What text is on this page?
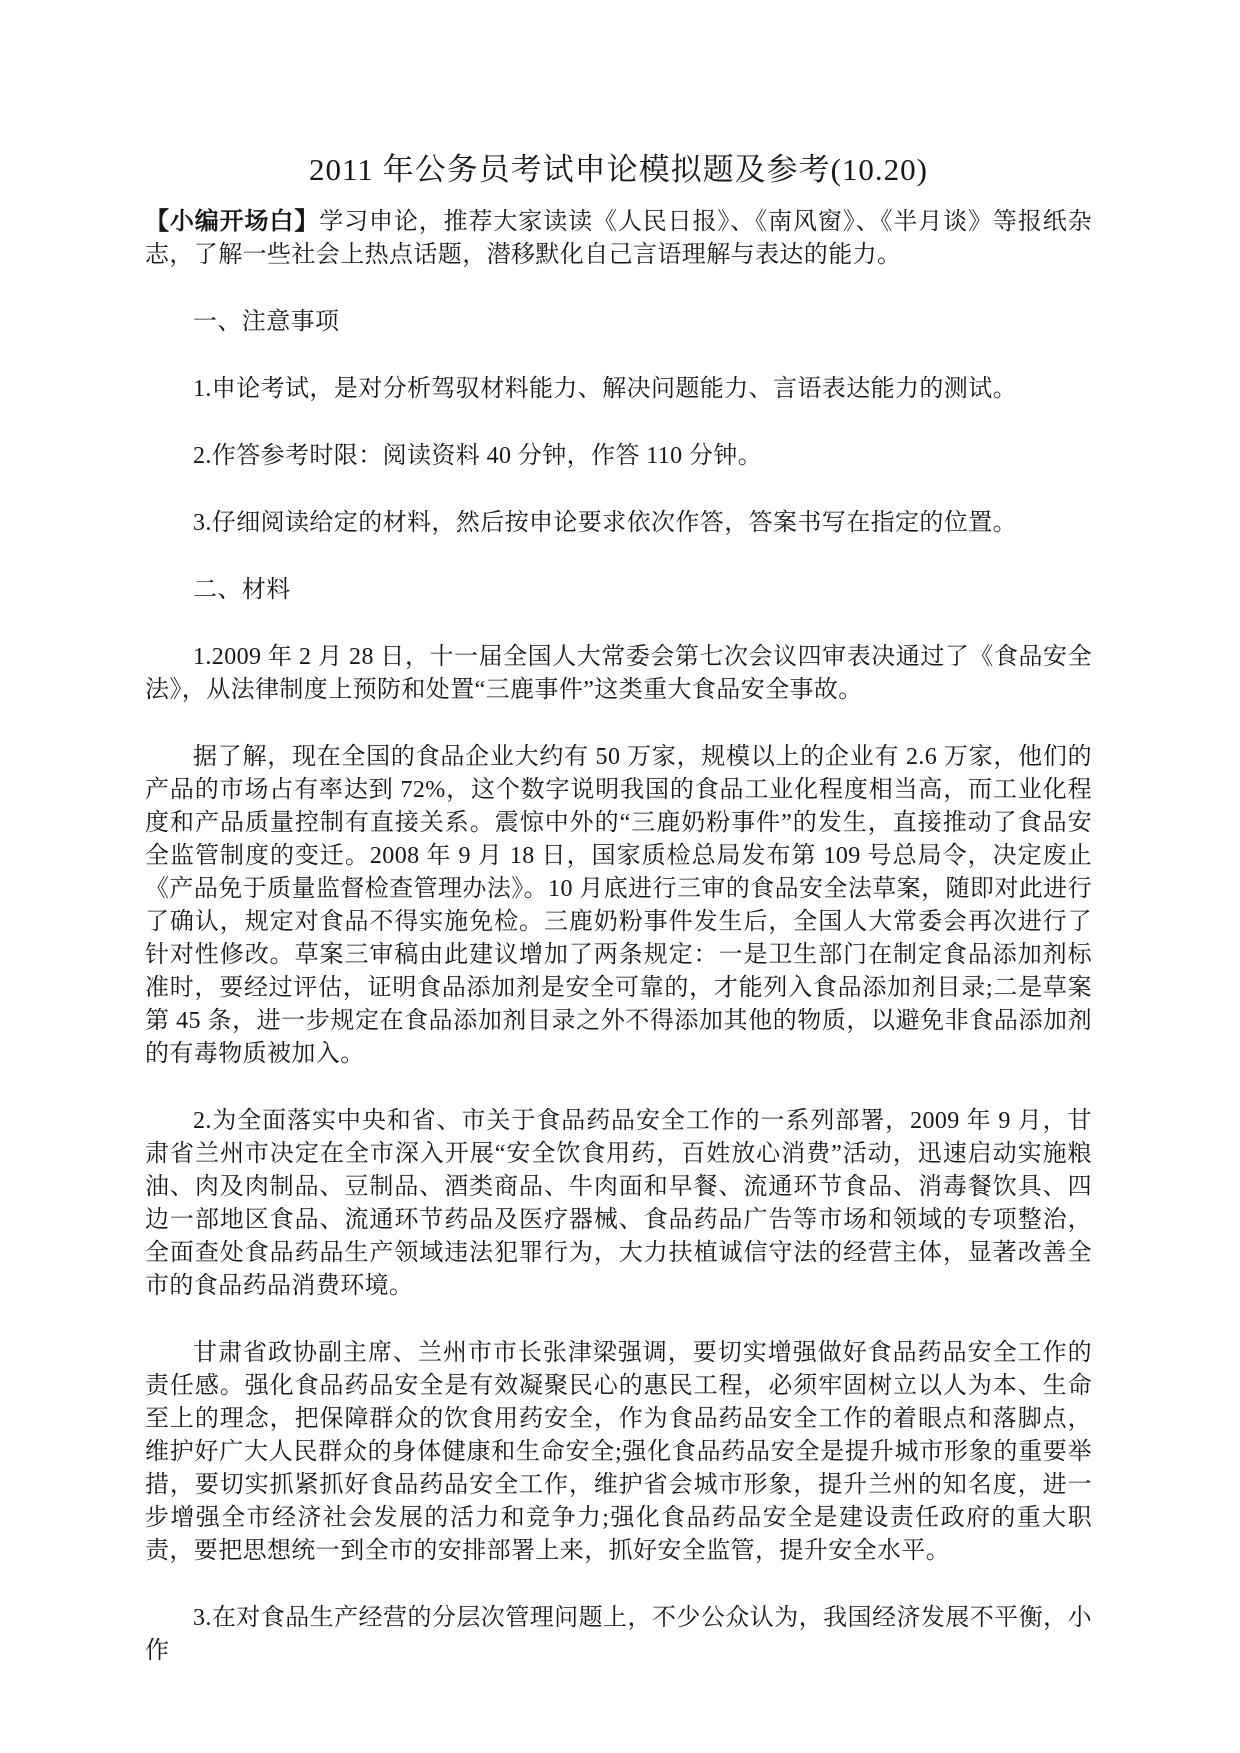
2011 年公务员考试申论模拟题及参考(10.20)

【小编开场白】学习申论，推荐大家读读《人民日报》、《南风窗》、《半月谈》等报纸杂志，了解一些社会上热点话题，潜移默化自己言语理解与表达的能力。

一、注意事项

1.申论考试，是对分析驾驭材料能力、解决问题能力、言语表达能力的测试。

2.作答参考时限：阅读资料 40 分钟，作答 110 分钟。

3.仔细阅读给定的材料，然后按申论要求依次作答，答案书写在指定的位置。

二、材料

1.2009 年 2 月 28 日，十一届全国人大常委会第七次会议四审表决通过了《食品安全法》，从法律制度上预防和处置“三鹿事件”这类重大食品安全事故。

据了解，现在全国的食品企业大约有 50 万家，规模以上的企业有 2.6 万家，他们的产品的市场占有率达到 72%，这个数字说明我国的食品工业化程度相当高，而工业化程度和产品质量控制有直接关系。震惊中外的“三鹿奶粉事件”的发生，直接推动了食品安全监管制度的变迁。2008 年 9 月 18 日，国家质检总局发布第 109 号总局令，决定废止《产品免于质量监督检查管理办法》。10 月底进行三审的食品安全法草案，随即对此进行了确认，规定对食品不得实施免检。三鹿奶粉事件发生后，全国人大常委会再次进行了针对性修改。草案三审稿由此建议增加了两条规定：一是卫生部门在制定食品添加剂标准时，要经过评估，证明食品添加剂是安全可靠的，才能列入食品添加剂目录;二是草案第 45 条，进一步规定在食品添加剂目录之外不得添加其他的物质，以避免非食品添加剂的有毒物质被加入。

2.为全面落实中央和省、市关于食品药品安全工作的一系列部署，2009 年 9 月，甘肃省兰州市决定在全市深入开展“安全饮食用药，百姓放心消费”活动，迅速启动实施粮油、肉及肉制品、豆制品、酒类商品、牛肉面和早餐、流通环节食品、消毒餐饮具、四边一部地区食品、流通环节药品及医疗器械、食品药品广告等市场和领域的专项整治，全面查处食品药品生产领域违法犯罪行为，大力扶植诚信守法的经营主体，显著改善全市的食品药品消费环境。

甘肃省政协副主席、兰州市市长张津梁强调，要切实增强做好食品药品安全工作的责任感。强化食品药品安全是有效凝聚民心的惠民工程，必须牢固树立以人为本、生命至上的理念，把保障群众的饮食用药安全，作为食品药品安全工作的着眼点和落脚点，维护好广大人民群众的身体健康和生命安全;强化食品药品安全是提升城市形象的重要举措，要切实抓紧抓好食品药品安全工作，维护省会城市形象，提升兰州的知名度，进一步增强全市经济社会发展的活力和竞争力;强化食品药品安全是建设责任政府的重大职责，要把思想统一到全市的安排部署上来，抓好安全监管，提升安全水平。

3.在对食品生产经营的分层次管理问题上，不少公众认为，我国经济发展不平衡，小作
